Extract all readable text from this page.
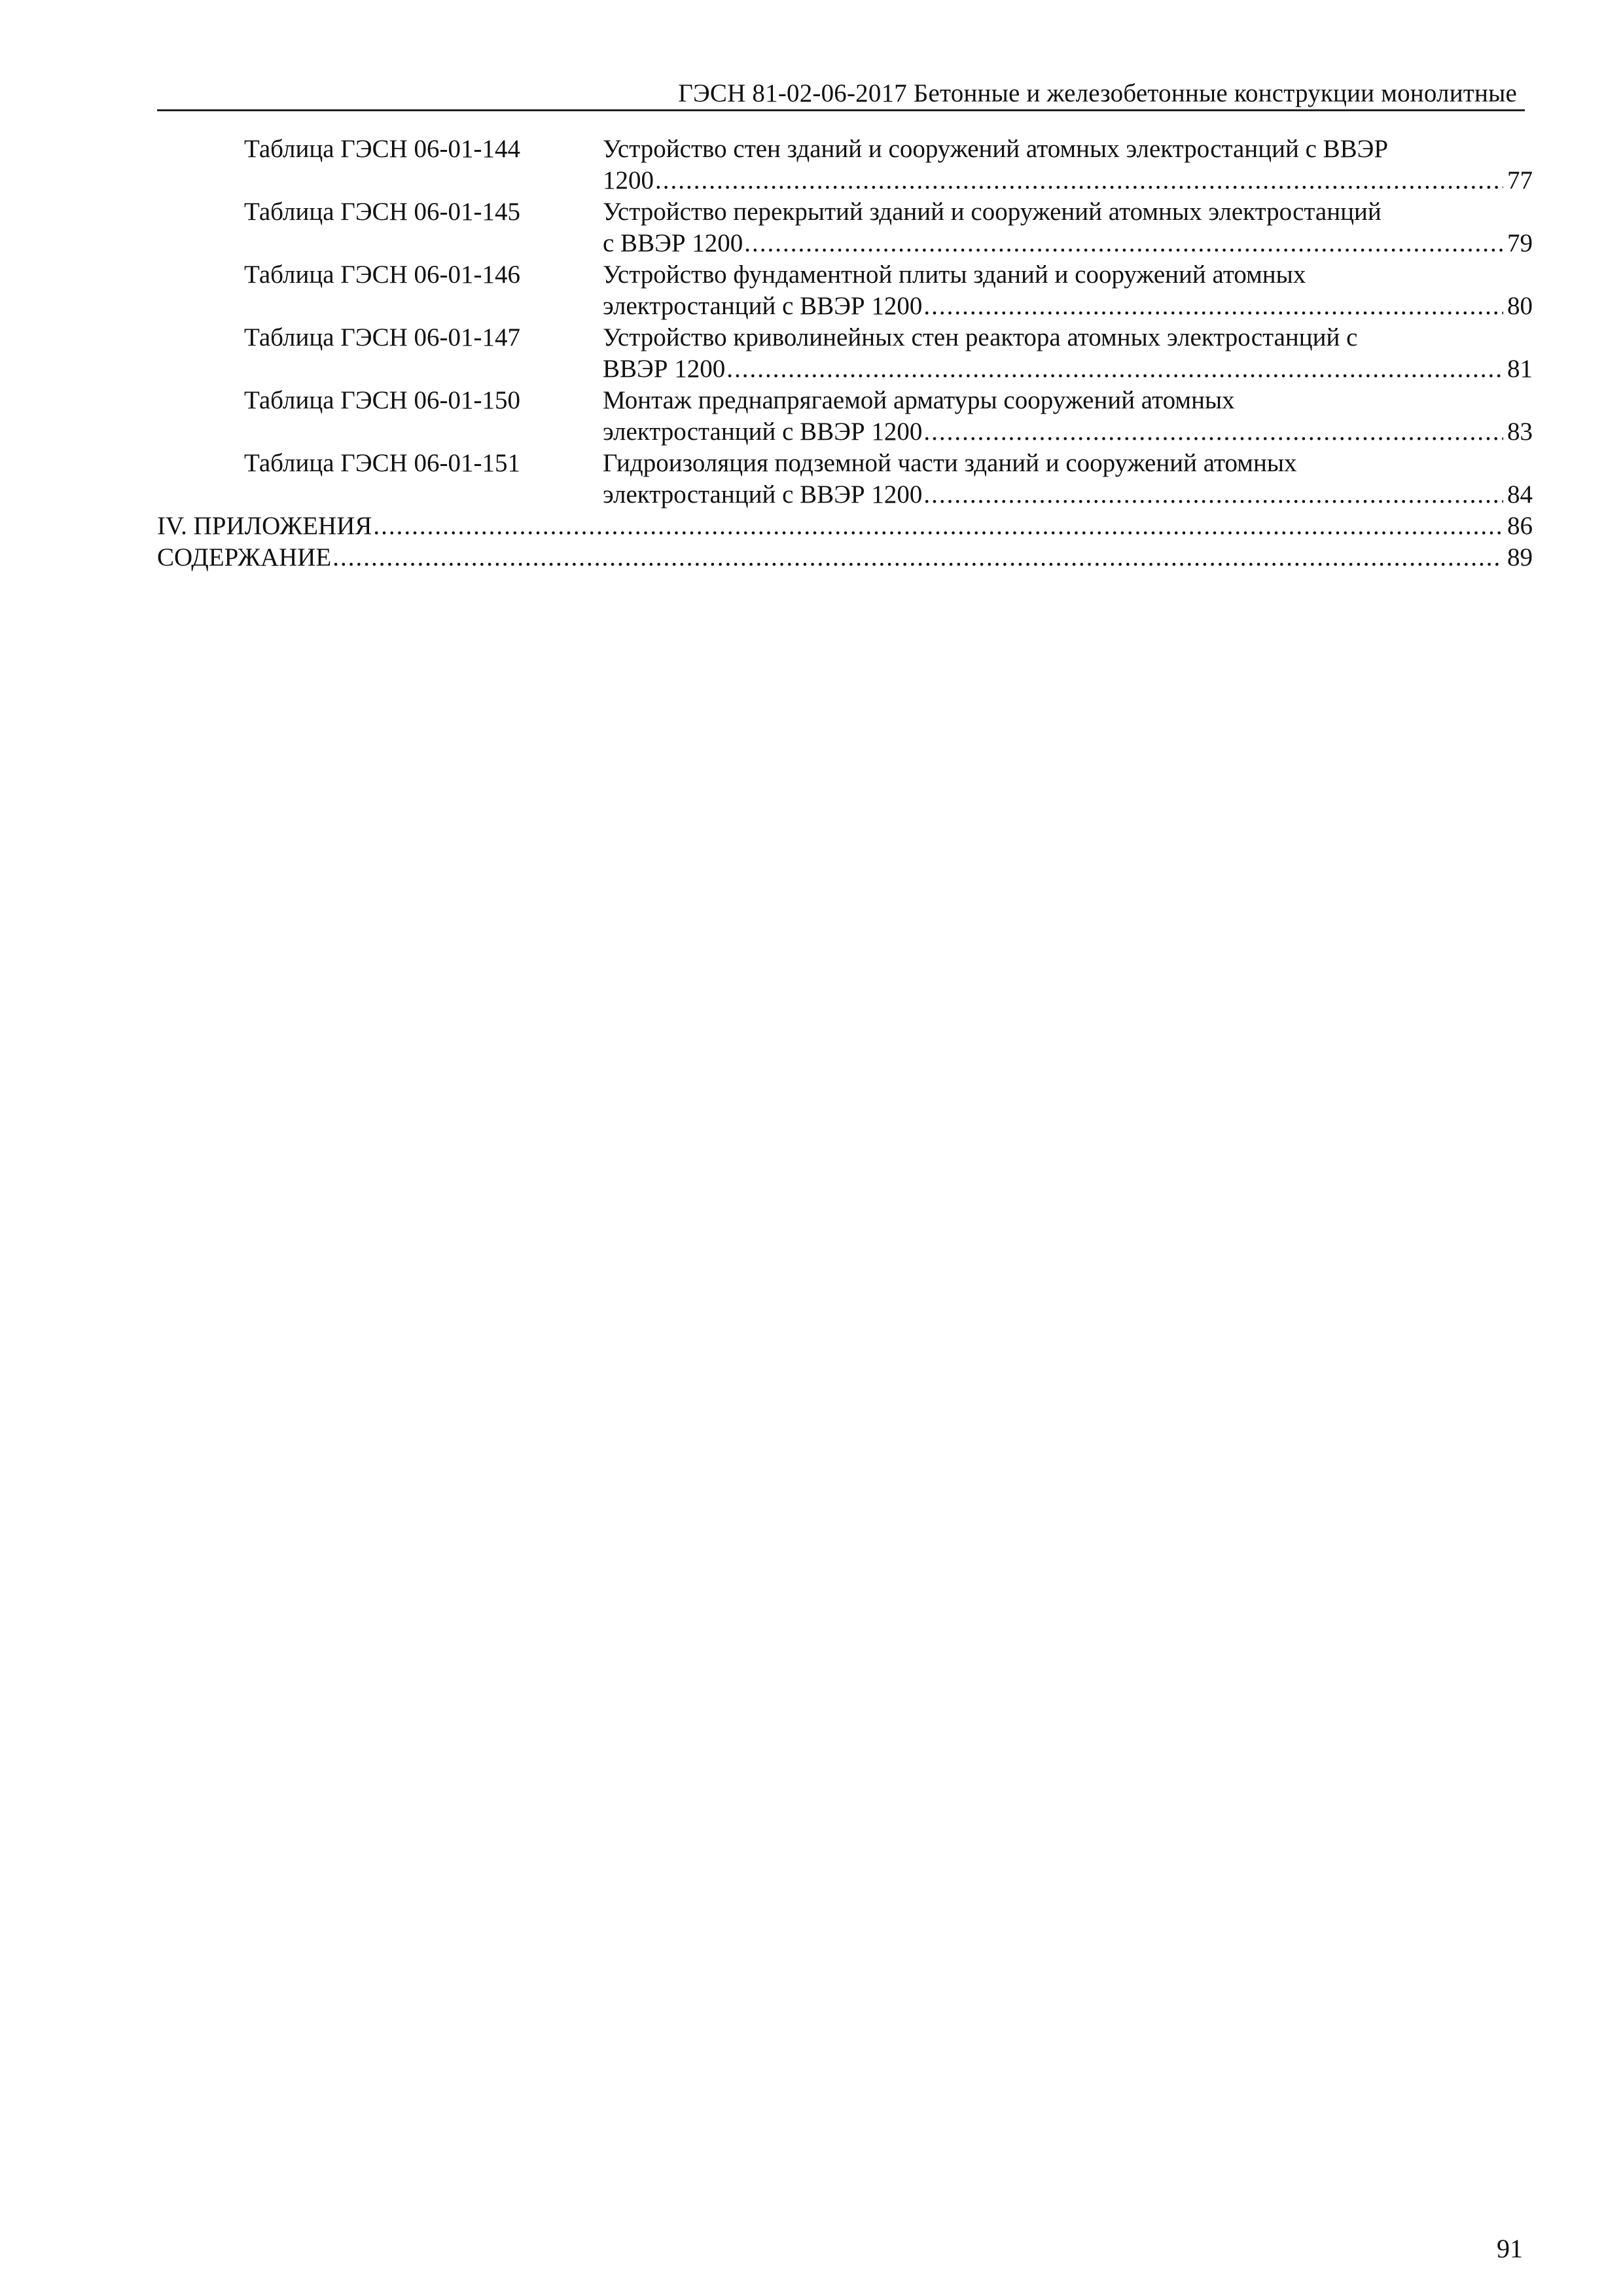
ГЭСН 81-02-06-2017 Бетонные и железобетонные конструкции монолитные
Таблица ГЭСН 06-01-144	Устройство стен зданий и сооружений атомных электростанций с ВВЭР
1200 .....	77
Таблица ГЭСН 06-01-145	Устройство перекрытий зданий и сооружений атомных электростанций
с ВВЭР 1200 .....	79
Таблица ГЭСН 06-01-146	Устройство фундаментной плиты зданий и сооружений атомных
электростанций с ВВЭР 1200 .....	80
Таблица ГЭСН 06-01-147	Устройство криволинейных стен реактора атомных электростанций с
ВВЭР 1200 .....	81
Таблица ГЭСН 06-01-150	Монтаж преднапрягаемой арматуры сооружений атомных
электростанций с ВВЭР 1200 .....	83
Таблица ГЭСН 06-01-151	Гидроизоляция подземной части зданий и сооружений атомных
электростанций с ВВЭР 1200 .....	84
IV. ПРИЛОЖЕНИЯ .....	86
СОДЕРЖАНИЕ .....	89
91
